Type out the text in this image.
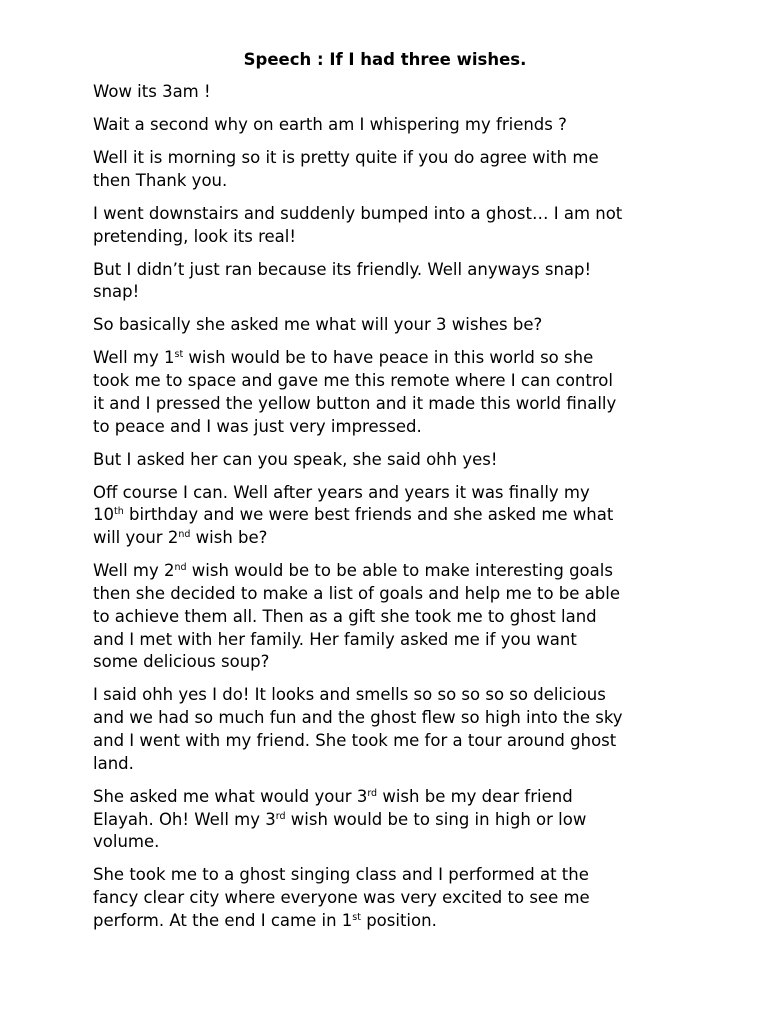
Speech : If I had three wishes.
Wow its 3am !
Wait a second why on earth am I whispering my friends ?
Well it is morning so it is pretty quite if you do agree with me
then Thank you.
I went downstairs and suddenly bumped into a ghost… I am not
pretending, look its real!
But I didn’t just ran because its friendly. Well anyways snap!
snap!
So basically she asked me what will your 3 wishes be?
Well my 1st wish would be to have peace in this world so she
took me to space and gave me this remote where I can control
it and I pressed the yellow button and it made this world finally
to peace and I was just very impressed.
But I asked her can you speak, she said ohh yes!
Off course I can. Well after years and years it was finally my
10th birthday and we were best friends and she asked me what
will your 2nd wish be?
Well my 2nd wish would be to be able to make interesting goals
then she decided to make a list of goals and help me to be able
to achieve them all. Then as a gift she took me to ghost land
and I met with her family. Her family asked me if you want
some delicious soup?
I said ohh yes I do! It looks and smells so so so so so delicious
and we had so much fun and the ghost flew so high into the sky
and I went with my friend. She took me for a tour around ghost
land.
She asked me what would your 3rd wish be my dear friend
Elayah. Oh! Well my 3rd wish would be to sing in high or low
volume.
She took me to a ghost singing class and I performed at the
fancy clear city where everyone was very excited to see me
perform. At the end I came in 1st position.
